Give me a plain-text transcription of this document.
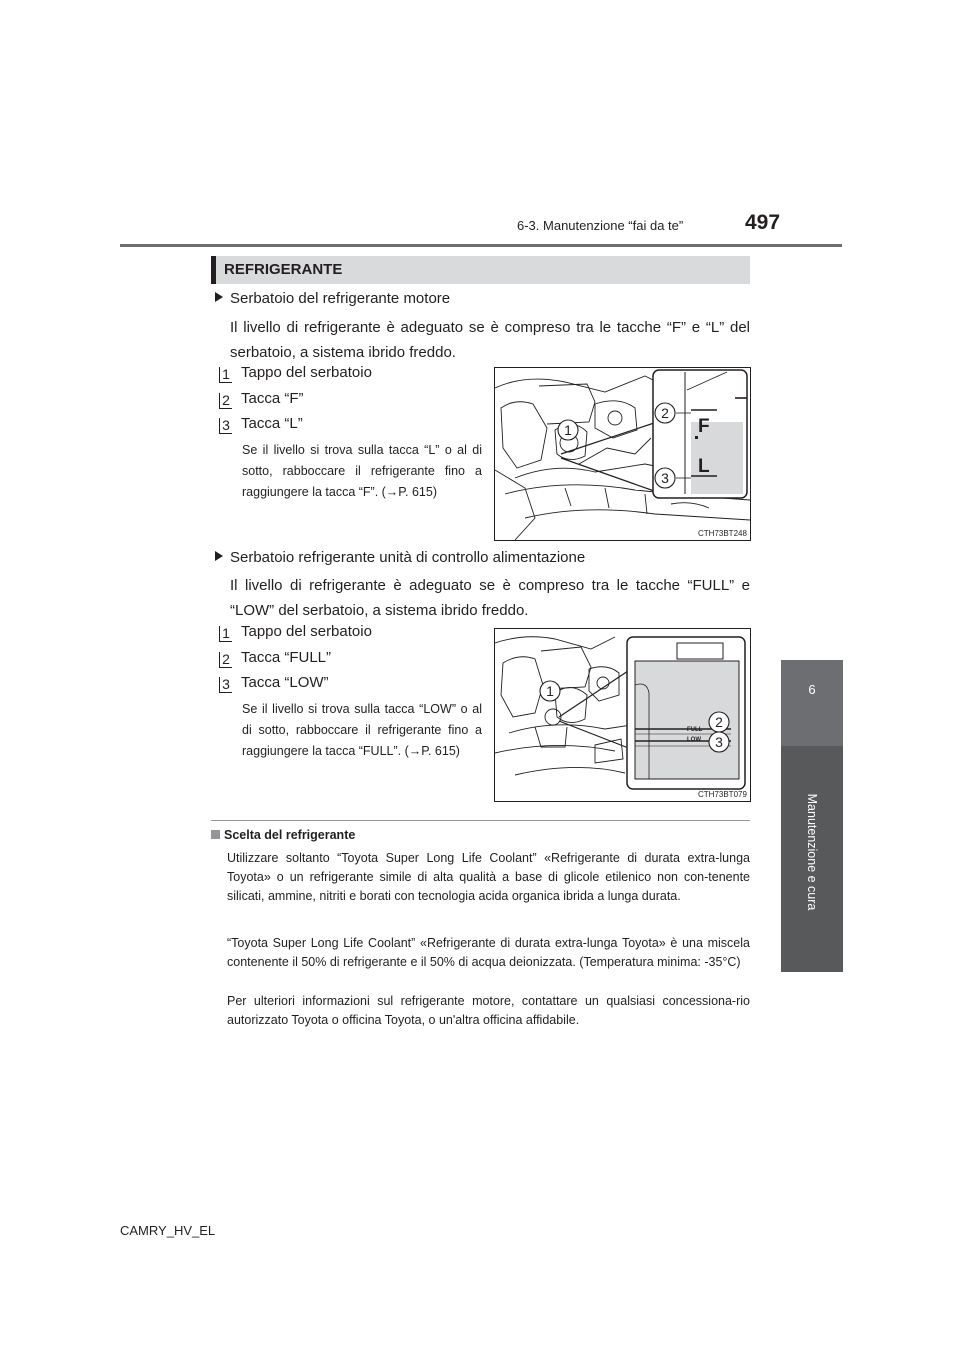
6-3. Manutenzione “fai da te”	497
6
Manutenzione e cura
REFRIGERANTE
Serbatoio del refrigerante motore
Il livello di refrigerante è adeguato se è compreso tra le tacche “F” e “L” del serbatoio, a sistema ibrido freddo.
1 Tappo del serbatoio
2 Tacca “F”
3 Tacca “L”
Se il livello si trova sulla tacca “L” o al di sotto, rabboccare il refrigerante fino a raggiungere la tacca “F”. (→P. 615)
F
L
1
2
3
CTH73BT248
Serbatoio refrigerante unità di controllo alimentazione
Il livello di refrigerante è adeguato se è compreso tra le tacche “FULL” e “LOW” del serbatoio, a sistema ibrido freddo.
1 Tappo del serbatoio
2 Tacca “FULL”
3 Tacca “LOW”
Se il livello si trova sulla tacca “LOW” o al di sotto, rabboccare il refrigerante fino a raggiungere la tacca “FULL”. (→P. 615)
FULL
LOW
1
2
3
CTH73BT079
Scelta del refrigerante
Utilizzare soltanto “Toyota Super Long Life Coolant” «Refrigerante di durata extra-lunga Toyota» o un refrigerante simile di alta qualità a base di glicole etilenico non con-tenente silicati, ammine, nitriti e borati con tecnologia acida organica ibrida a lunga durata.
“Toyota Super Long Life Coolant” «Refrigerante di durata extra-lunga Toyota» è una miscela contenente il 50% di refrigerante e il 50% di acqua deionizzata. (Temperatura minima: -35°C)
Per ulteriori informazioni sul refrigerante motore, contattare un qualsiasi concessiona-rio autorizzato Toyota o officina Toyota, o un'altra officina affidabile.
CAMRY_HV_EL
